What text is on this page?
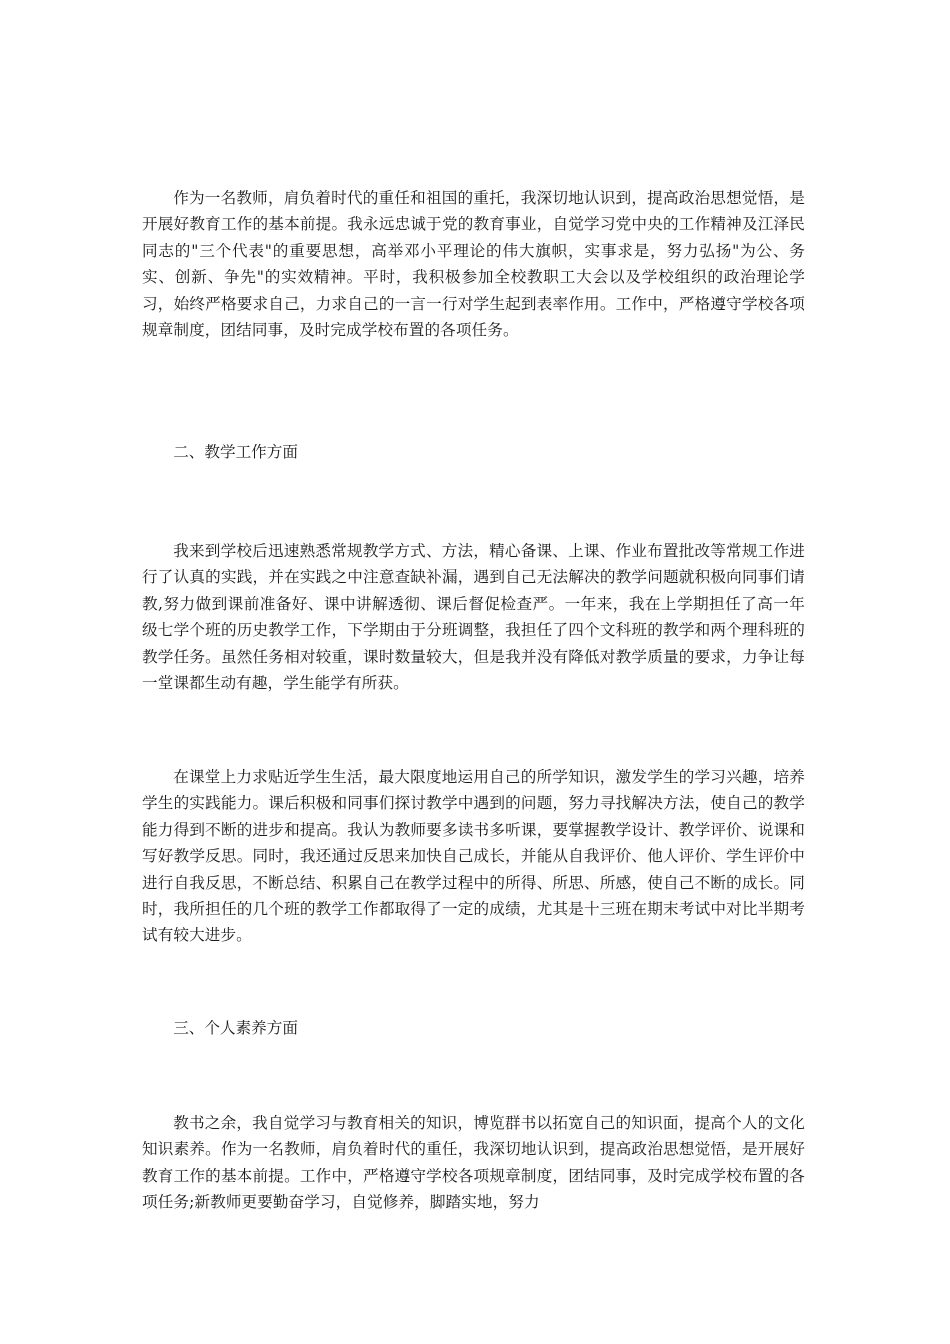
作为一名教师，肩负着时代的重任和祖国的重托，我深切地认识到，提高政治思想觉悟，是开展好教育工作的基本前提。我永远忠诚于党的教育事业，自觉学习党中央的工作精神及江泽民同志的"三个代表"的重要思想，高举邓小平理论的伟大旗帜，实事求是，努力弘扬"为公、务实、创新、争先"的实效精神。平时，我积极参加全校教职工大会以及学校组织的政治理论学习，始终严格要求自己，力求自己的一言一行对学生起到表率作用。工作中，严格遵守学校各项规章制度，团结同事，及时完成学校布置的各项任务。

二、教学工作方面

我来到学校后迅速熟悉常规教学方式、方法，精心备课、上课、作业布置批改等常规工作进行了认真的实践，并在实践之中注意查缺补漏，遇到自己无法解决的教学问题就积极向同事们请教,努力做到课前准备好、课中讲解透彻、课后督促检查严。一年来，我在上学期担任了高一年级七学个班的历史教学工作，下学期由于分班调整，我担任了四个文科班的教学和两个理科班的教学任务。虽然任务相对较重，课时数量较大，但是我并没有降低对教学质量的要求，力争让每一堂课都生动有趣，学生能学有所获。

在课堂上力求贴近学生生活，最大限度地运用自己的所学知识，激发学生的学习兴趣，培养学生的实践能力。课后积极和同事们探讨教学中遇到的问题，努力寻找解决方法，使自己的教学能力得到不断的进步和提高。我认为教师要多读书多听课，要掌握教学设计、教学评价、说课和写好教学反思。同时，我还通过反思来加快自己成长，并能从自我评价、他人评价、学生评价中进行自我反思，不断总结、积累自己在教学过程中的所得、所思、所感，使自己不断的成长。同时，我所担任的几个班的教学工作都取得了一定的成绩，尤其是十三班在期末考试中对比半期考试有较大进步。

三、个人素养方面

教书之余，我自觉学习与教育相关的知识，博览群书以拓宽自己的知识面，提高个人的文化知识素养。作为一名教师，肩负着时代的重任，我深切地认识到，提高政治思想觉悟，是开展好教育工作的基本前提。工作中，严格遵守学校各项规章制度，团结同事，及时完成学校布置的各项任务;新教师更要勤奋学习，自觉修养，脚踏实地，努力
